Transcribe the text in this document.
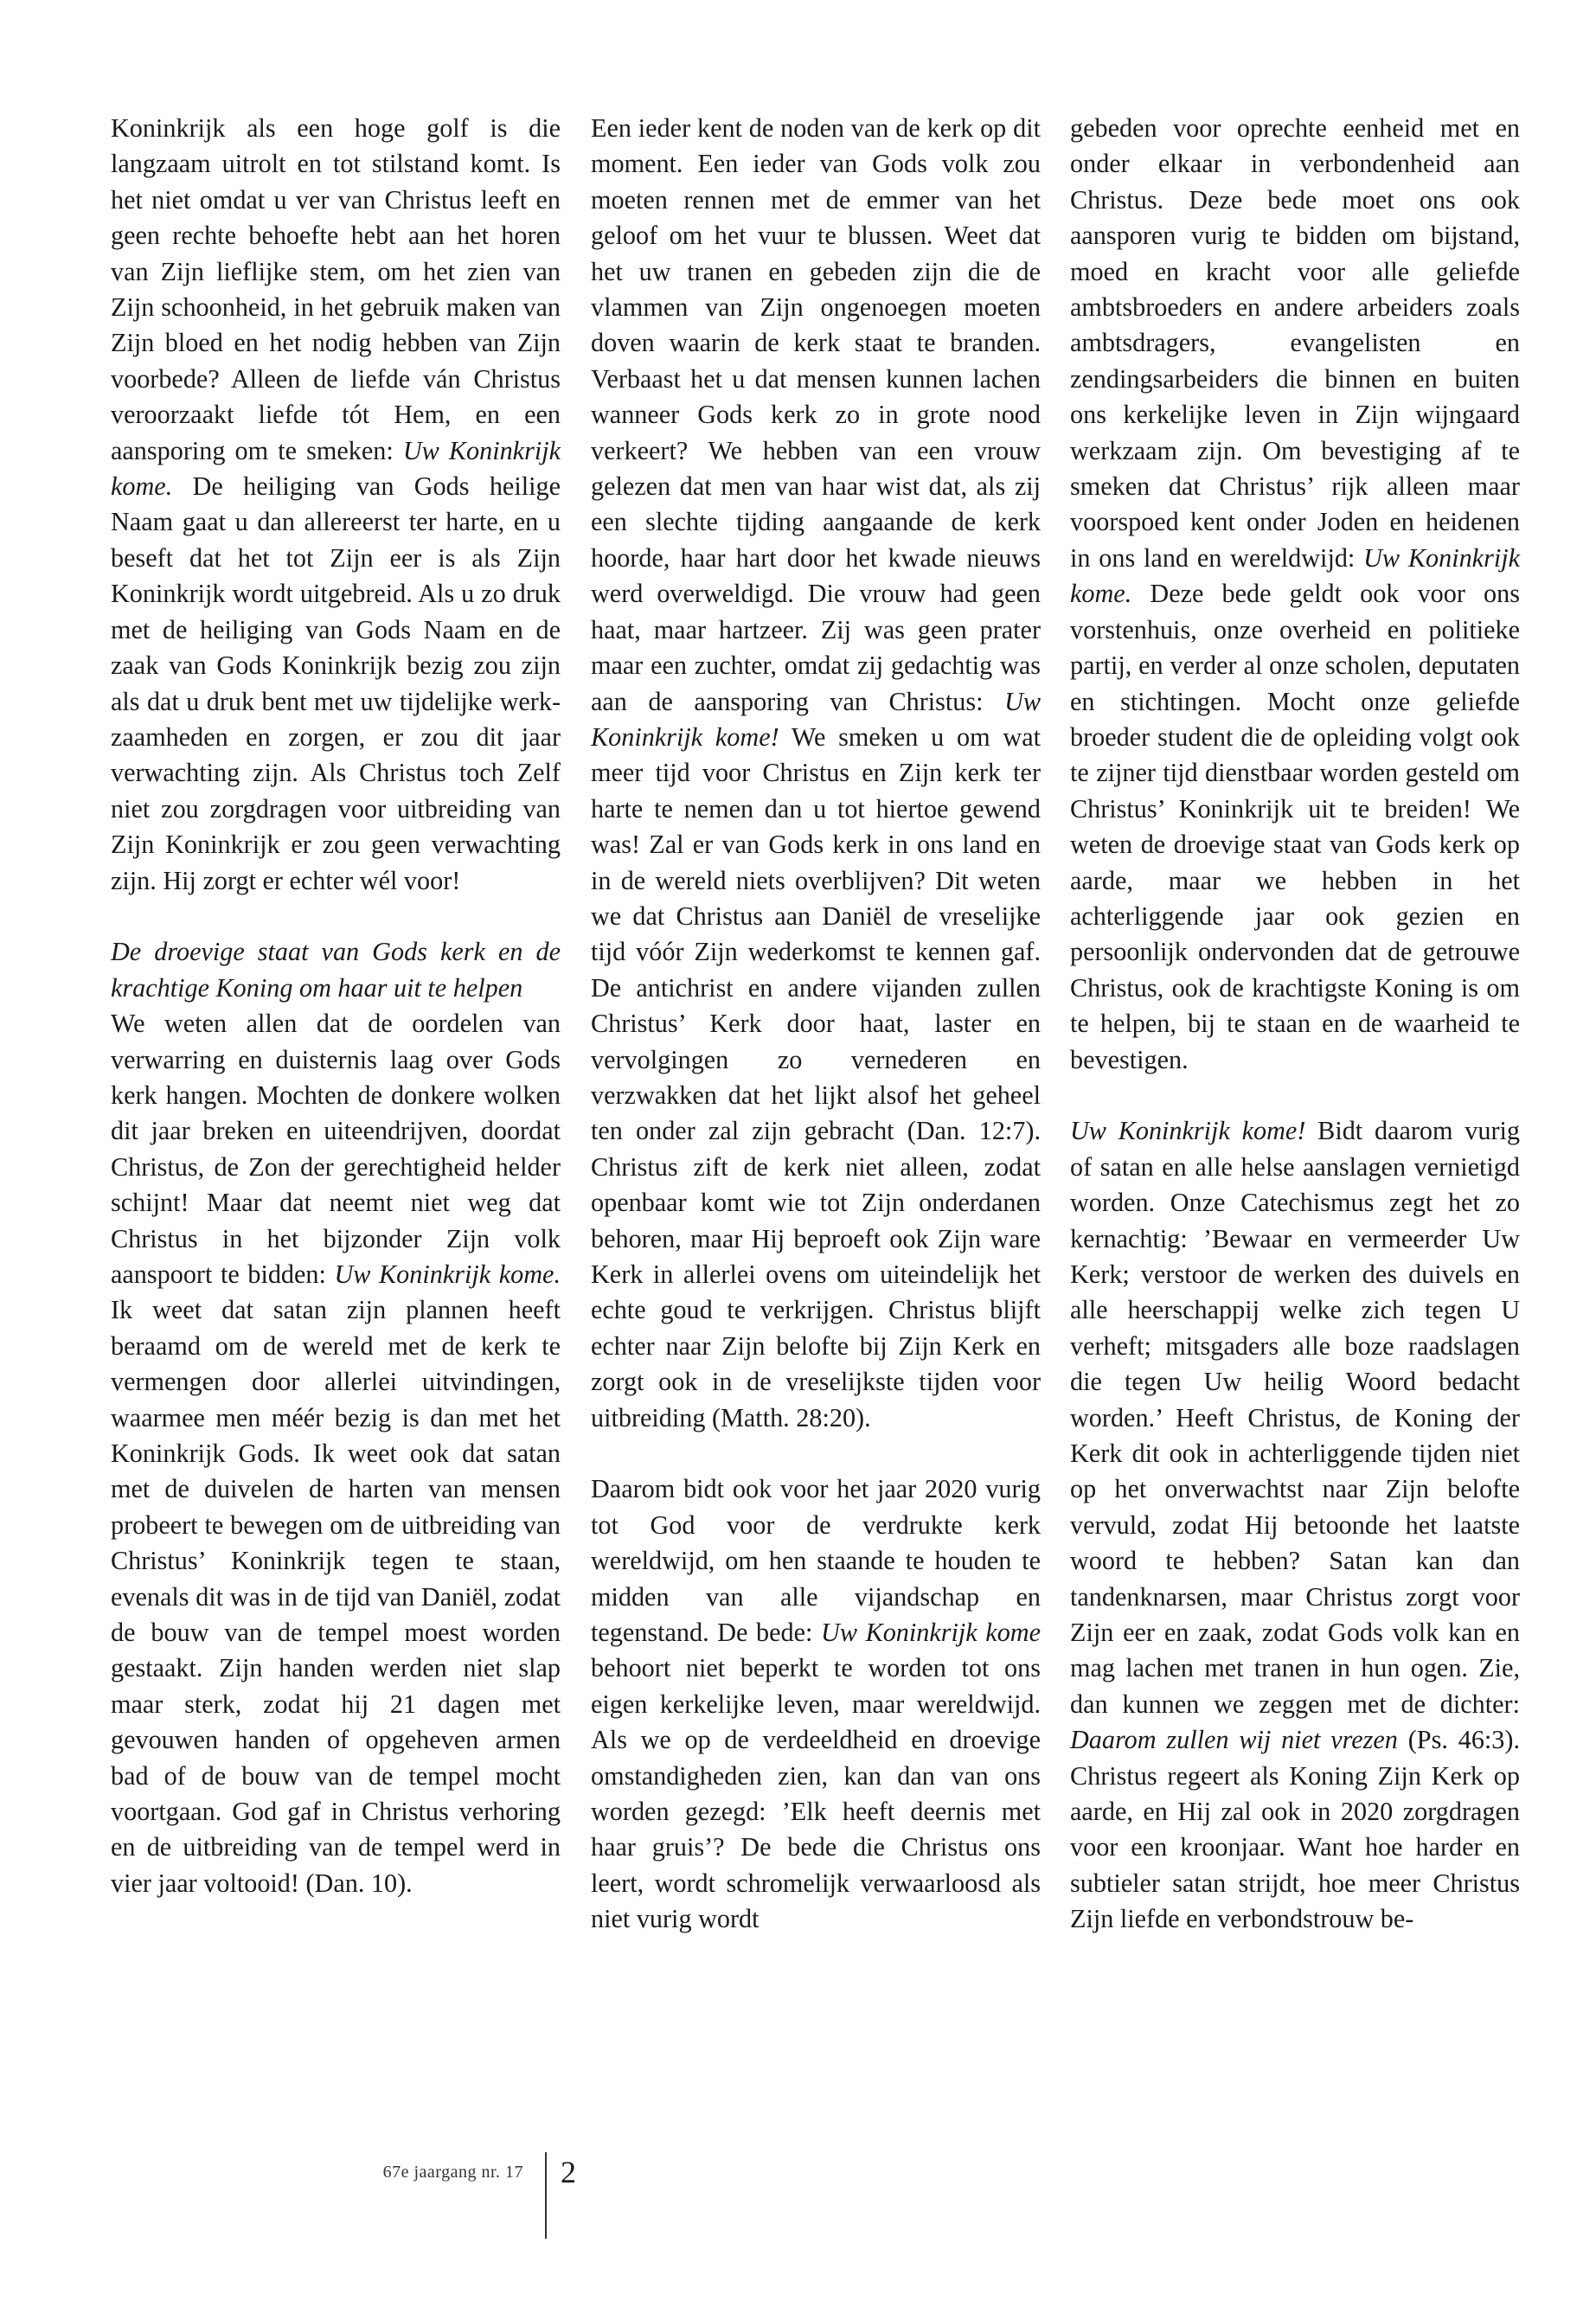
Koninkrijk als een hoge golf is die langzaam uitrolt en tot stilstand komt. Is het niet omdat u ver van Christus leeft en geen rechte behoefte hebt aan het horen van Zijn lieflijke stem, om het zien van Zijn schoonheid, in het gebruik maken van Zijn bloed en het nodig hebben van Zijn voorbede? Alleen de liefde ván Christus veroorzaakt liefde tót Hem, en een aansporing om te smeken: Uw Koninkrijk kome. De heiliging van Gods heilige Naam gaat u dan allereerst ter harte, en u beseft dat het tot Zijn eer is als Zijn Koninkrijk wordt uitgebreid. Als u zo druk met de heiliging van Gods Naam en de zaak van Gods Koninkrijk bezig zou zijn als dat u druk bent met uw tijdelijke werkzaamheden en zorgen, er zou dit jaar verwachting zijn. Als Christus toch Zelf niet zou zorgdragen voor uitbreiding van Zijn Koninkrijk er zou geen verwachting zijn. Hij zorgt er echter wél voor!

De droevige staat van Gods kerk en de krachtige Koning om haar uit te helpen

We weten allen dat de oordelen van verwarring en duisternis laag over Gods kerk hangen. Mochten de donkere wolken dit jaar breken en uiteendrijven, doordat Christus, de Zon der gerechtigheid helder schijnt! Maar dat neemt niet weg dat Christus in het bijzonder Zijn volk aanspoort te bidden: Uw Koninkrijk kome. Ik weet dat satan zijn plannen heeft beraamd om de wereld met de kerk te vermengen door allerlei uitvindingen, waarmee men méér bezig is dan met het Koninkrijk Gods. Ik weet ook dat satan met de duivelen de harten van mensen probeert te bewegen om de uitbreiding van Christus’ Koninkrijk tegen te staan, evenals dit was in de tijd van Daniël, zodat de bouw van de tempel moest worden gestaakt. Zijn handen werden niet slap maar sterk, zodat hij 21 dagen met gevouwen handen of opgeheven armen bad of de bouw van de tempel mocht voortgaan. God gaf in Christus verhoring en de uitbreiding van de tempel werd in vier jaar voltooid! (Dan. 10).

Een ieder kent de noden van de kerk op dit moment. Een ieder van Gods volk zou moeten rennen met de emmer van het geloof om het vuur te blussen. Weet dat het uw tranen en gebeden zijn die de vlammen van Zijn ongenoegen moeten doven waarin de kerk staat te branden. Verbaast het u dat mensen kunnen lachen wanneer Gods kerk zo in grote nood verkeert? We hebben van een vrouw gelezen dat men van haar wist dat, als zij een slechte tijding aangaande de kerk hoorde, haar hart door het kwade nieuws werd overweldigd. Die vrouw had geen haat, maar hartzeer. Zij was geen prater maar een zuchter, omdat zij gedachtig was aan de aansporing van Christus: Uw Koninkrijk kome! We smeken u om wat meer tijd voor Christus en Zijn kerk ter harte te nemen dan u tot hiertoe gewend was! Zal er van Gods kerk in ons land en in de wereld niets overblijven? Dit weten we dat Christus aan Daniël de vreselijke tijd vóór Zijn wederkomst te kennen gaf. De antichrist en andere vijanden zullen Christus’ Kerk door haat, laster en vervolgingen zo vernederen en verzwakken dat het lijkt alsof het geheel ten onder zal zijn gebracht (Dan. 12:7). Christus zift de kerk niet alleen, zodat openbaar komt wie tot Zijn onderdanen behoren, maar Hij beproeft ook Zijn ware Kerk in allerlei ovens om uiteindelijk het echte goud te verkrijgen. Christus blijft echter naar Zijn belofte bij Zijn Kerk en zorgt ook in de vreselijkste tijden voor uitbreiding (Matth. 28:20).

Daarom bidt ook voor het jaar 2020 vurig tot God voor de verdrukte kerk wereldwijd, om hen staande te houden te midden van alle vijandschap en tegenstand. De bede: Uw Koninkrijk kome behoort niet beperkt te worden tot ons eigen kerkelijke leven, maar wereldwijd. Als we op de verdeeldheid en droevige omstandigheden zien, kan dan van ons worden gezegd: ’Elk heeft deernis met haar gruis’? De bede die Christus ons leert, wordt schromelijk verwaarloosd als niet vurig wordt

gebeden voor oprechte eenheid met en onder elkaar in verbondenheid aan Christus. Deze bede moet ons ook aansporen vurig te bidden om bijstand, moed en kracht voor alle geliefde ambtsbroeders en andere arbeiders zoals ambtsdragers, evangelisten en zendingsarbeiders die binnen en buiten ons kerkelijke leven in Zijn wijngaard werkzaam zijn. Om bevestiging af te smeken dat Christus’ rijk alleen maar voorspoed kent onder Joden en heidenen in ons land en wereldwijd: Uw Koninkrijk kome. Deze bede geldt ook voor ons vorstenhuis, onze overheid en politieke partij, en verder al onze scholen, deputaten en stichtingen. Mocht onze geliefde broeder student die de opleiding volgt ook te zijner tijd dienstbaar worden gesteld om Christus’ Koninkrijk uit te breiden! We weten de droevige staat van Gods kerk op aarde, maar we hebben in het achterliggende jaar ook gezien en persoonlijk ondervonden dat de getrouwe Christus, ook de krachtigste Koning is om te helpen, bij te staan en de waarheid te bevestigen.

Uw Koninkrijk kome! Bidt daarom vurig of satan en alle helse aanslagen vernietigd worden. Onze Catechismus zegt het zo kernachtig: ’Bewaar en vermeerder Uw Kerk; verstoor de werken des duivels en alle heerschappij welke zich tegen U verheft; mitsgaders alle boze raadslagen die tegen Uw heilig Woord bedacht worden.’ Heeft Christus, de Koning der Kerk dit ook in achterliggende tijden niet op het onverwachtst naar Zijn belofte vervuld, zodat Hij betoonde het laatste woord te hebben? Satan kan dan tandenknarsen, maar Christus zorgt voor Zijn eer en zaak, zodat Gods volk kan en mag lachen met tranen in hun ogen. Zie, dan kunnen we zeggen met de dichter: Daarom zullen wij niet vrezen (Ps. 46:3). Christus regeert als Koning Zijn Kerk op aarde, en Hij zal ook in 2020 zorgdragen voor een kroonjaar. Want hoe harder en subtieler satan strijdt, hoe meer Christus Zijn liefde en verbondstrouw be-

67e jaargang nr. 17 2
